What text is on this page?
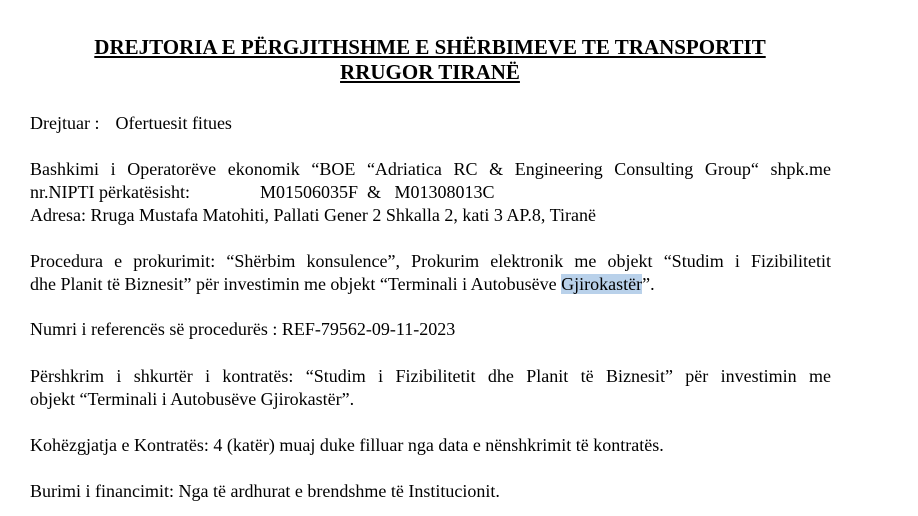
DREJTORIA E PËRGJITHSHME E SHËRBIMEVE TE TRANSPORTIT
RRUGOR TIRANË
Drejtuar : Ofertuesit fitues
Bashkimi i Operatorëve ekonomik “BOE “Adriatica RC & Engineering Consulting Group“ shpk.me
nr.NIPTI përkatësisht:	M01506035F & M01308013C
Adresa: Rruga Mustafa Matohiti, Pallati Gener 2 Shkalla 2, kati 3 AP.8, Tiranë
Procedura e prokurimit: “Shërbim konsulence”, Prokurim elektronik me objekt “Studim i Fizibilitetit
dhe Planit të Biznesit” për investimin me objekt “Terminali i Autobusëve Gjirokastër”.
Numri i referencës së procedurës : REF-79562-09-11-2023
Përshkrim i shkurtër i kontratës: “Studim i Fizibilitetit dhe Planit të Biznesit” për investimin me
objekt “Terminali i Autobusëve Gjirokastër”.
Kohëzgjatja e Kontratës: 4 (katër) muaj duke filluar nga data e nënshkrimit të kontratës.
Burimi i financimit: Nga të ardhurat e brendshme të Institucionit.
